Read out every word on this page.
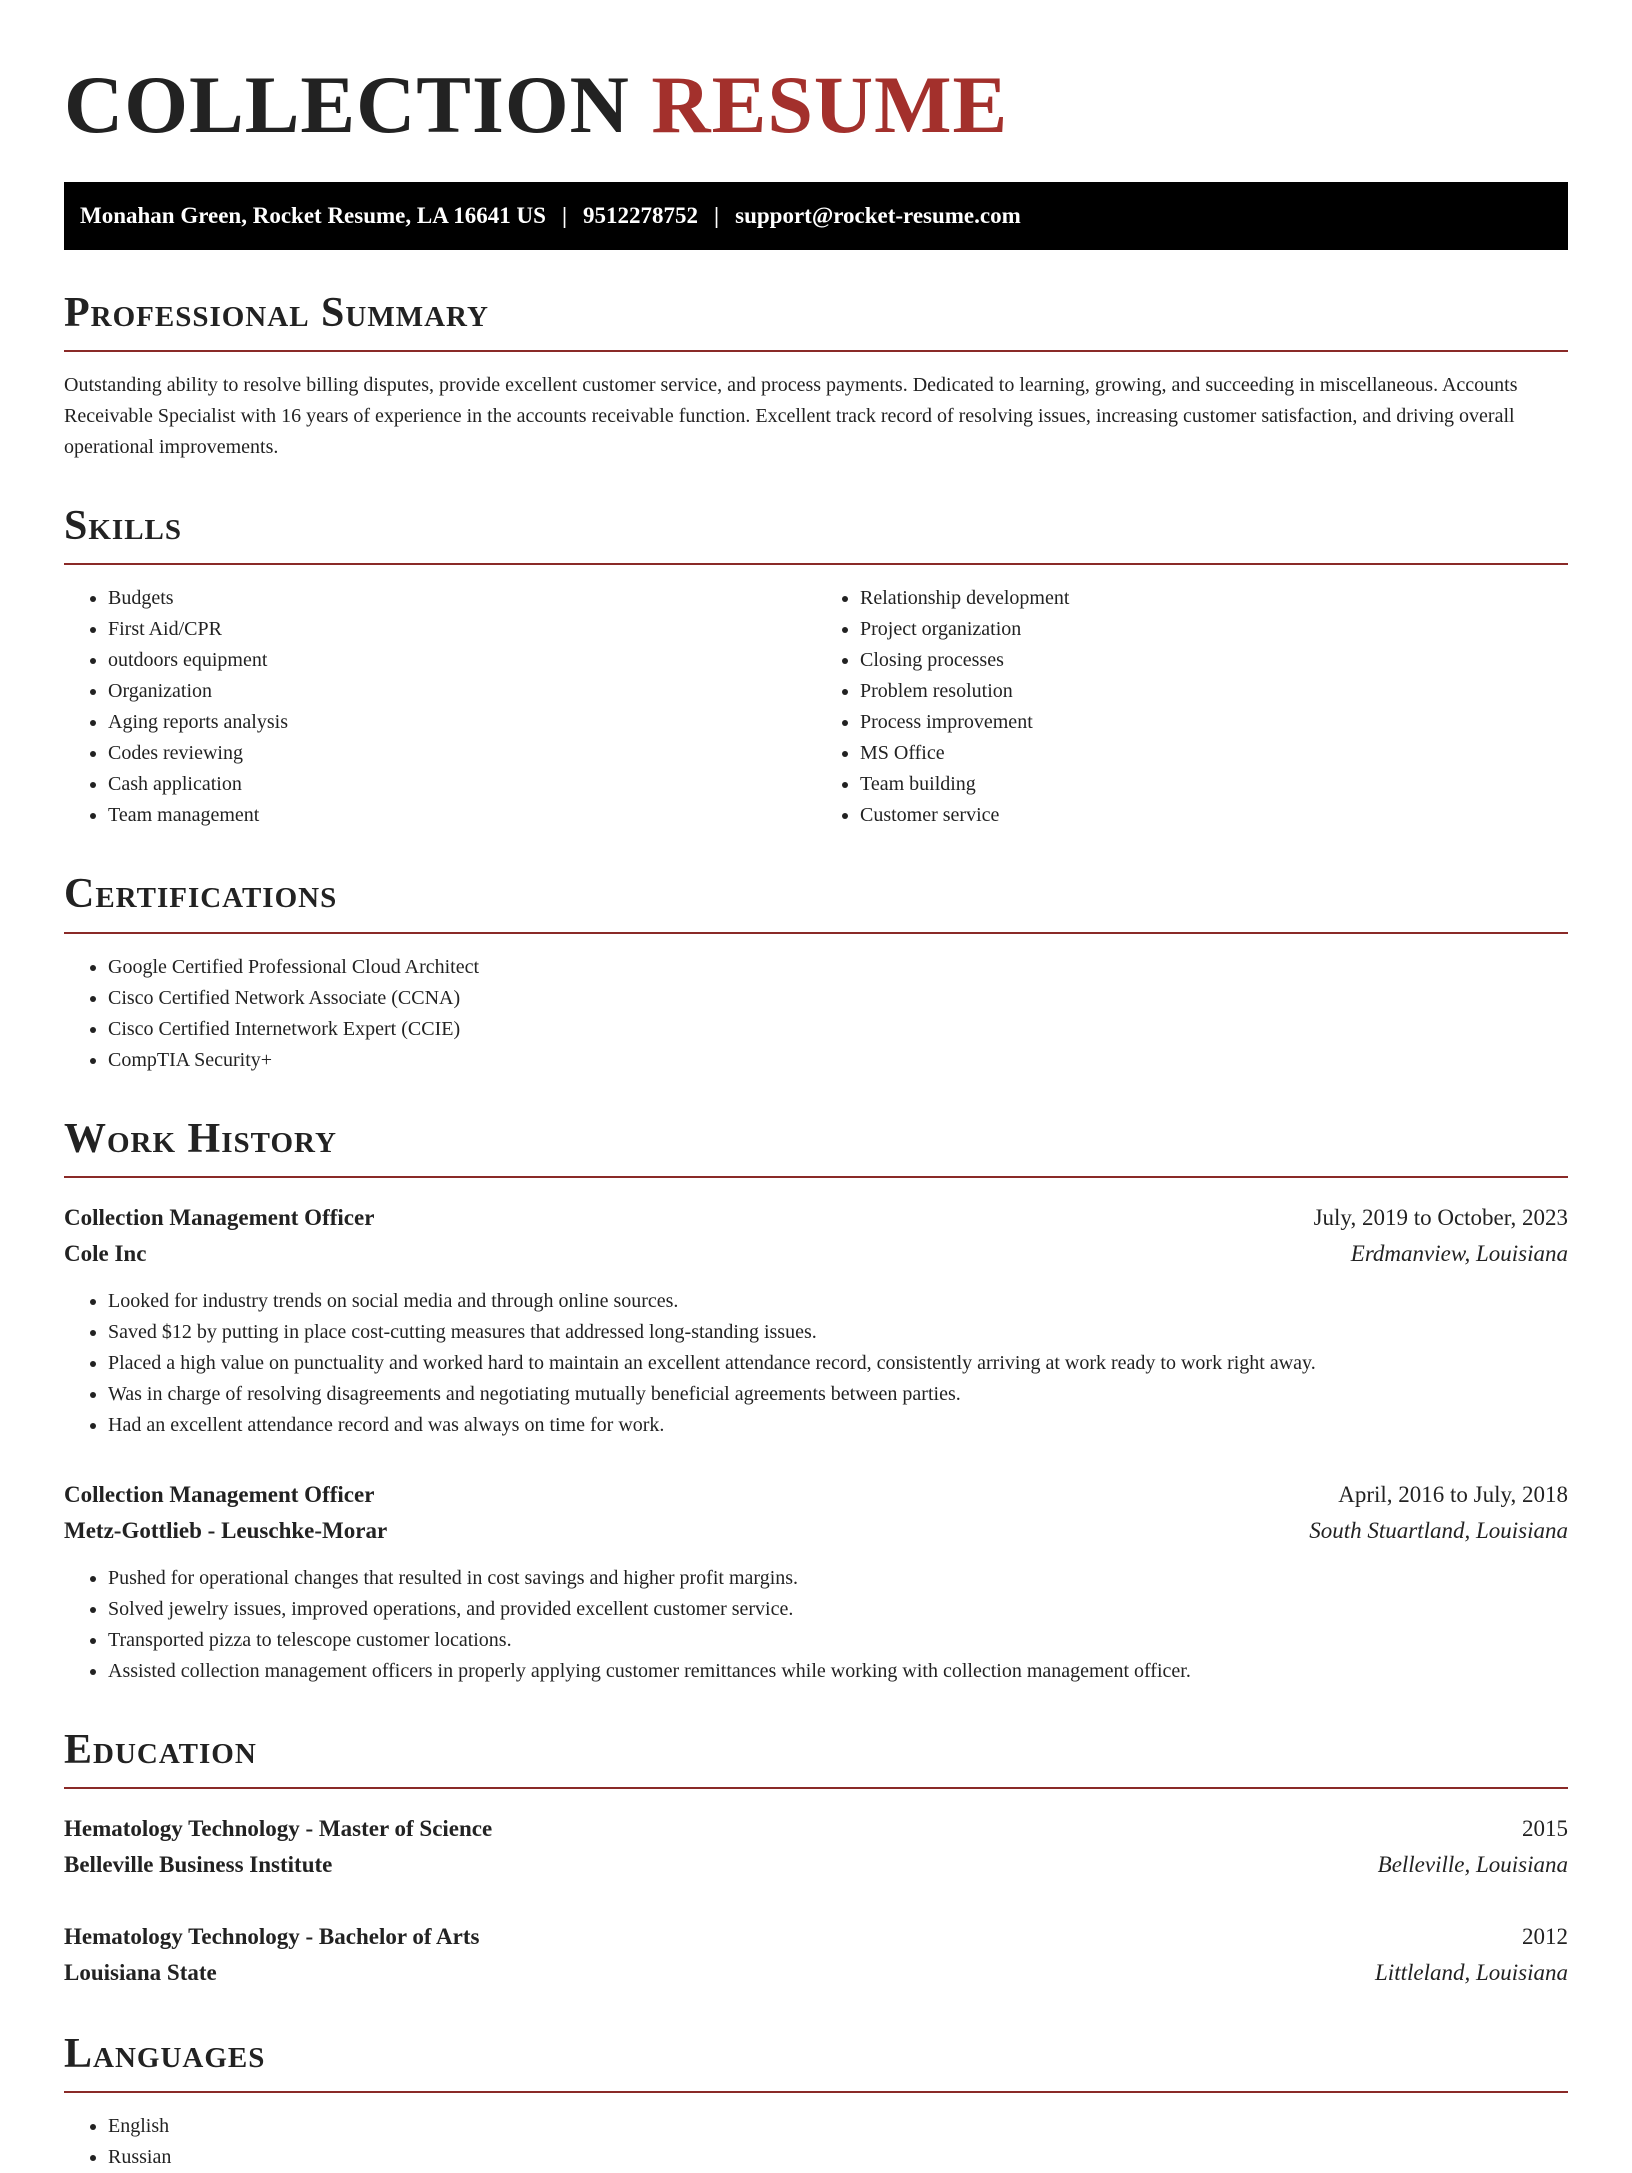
COLLECTION RESUME
Monahan Green, Rocket Resume, LA 16641 US | 9512278752 | support@rocket-resume.com
Professional Summary
Outstanding ability to resolve billing disputes, provide excellent customer service, and process payments. Dedicated to learning, growing, and succeeding in miscellaneous. Accounts Receivable Specialist with 16 years of experience in the accounts receivable function. Excellent track record of resolving issues, increasing customer satisfaction, and driving overall operational improvements.
Skills
• Budgets
• First Aid/CPR
• outdoors equipment
• Organization
• Aging reports analysis
• Codes reviewing
• Cash application
• Team management
• Relationship development
• Project organization
• Closing processes
• Problem resolution
• Process improvement
• MS Office
• Team building
• Customer service
Certifications
• Google Certified Professional Cloud Architect
• Cisco Certified Network Associate (CCNA)
• Cisco Certified Internetwork Expert (CCIE)
• CompTIA Security+
Work History
Collection Management Officer	July, 2019 to October, 2023
Cole Inc	Erdmanview, Louisiana
• Looked for industry trends on social media and through online sources.
• Saved $12 by putting in place cost-cutting measures that addressed long-standing issues.
• Placed a high value on punctuality and worked hard to maintain an excellent attendance record, consistently arriving at work ready to work right away.
• Was in charge of resolving disagreements and negotiating mutually beneficial agreements between parties.
• Had an excellent attendance record and was always on time for work.
Collection Management Officer	April, 2016 to July, 2018
Metz-Gottlieb - Leuschke-Morar	South Stuartland, Louisiana
• Pushed for operational changes that resulted in cost savings and higher profit margins.
• Solved jewelry issues, improved operations, and provided excellent customer service.
• Transported pizza to telescope customer locations.
• Assisted collection management officers in properly applying customer remittances while working with collection management officer.
Education
Hematology Technology - Master of Science	2015
Belleville Business Institute	Belleville, Louisiana
Hematology Technology - Bachelor of Arts	2012
Louisiana State	Littleland, Louisiana
Languages
• English
• Russian
